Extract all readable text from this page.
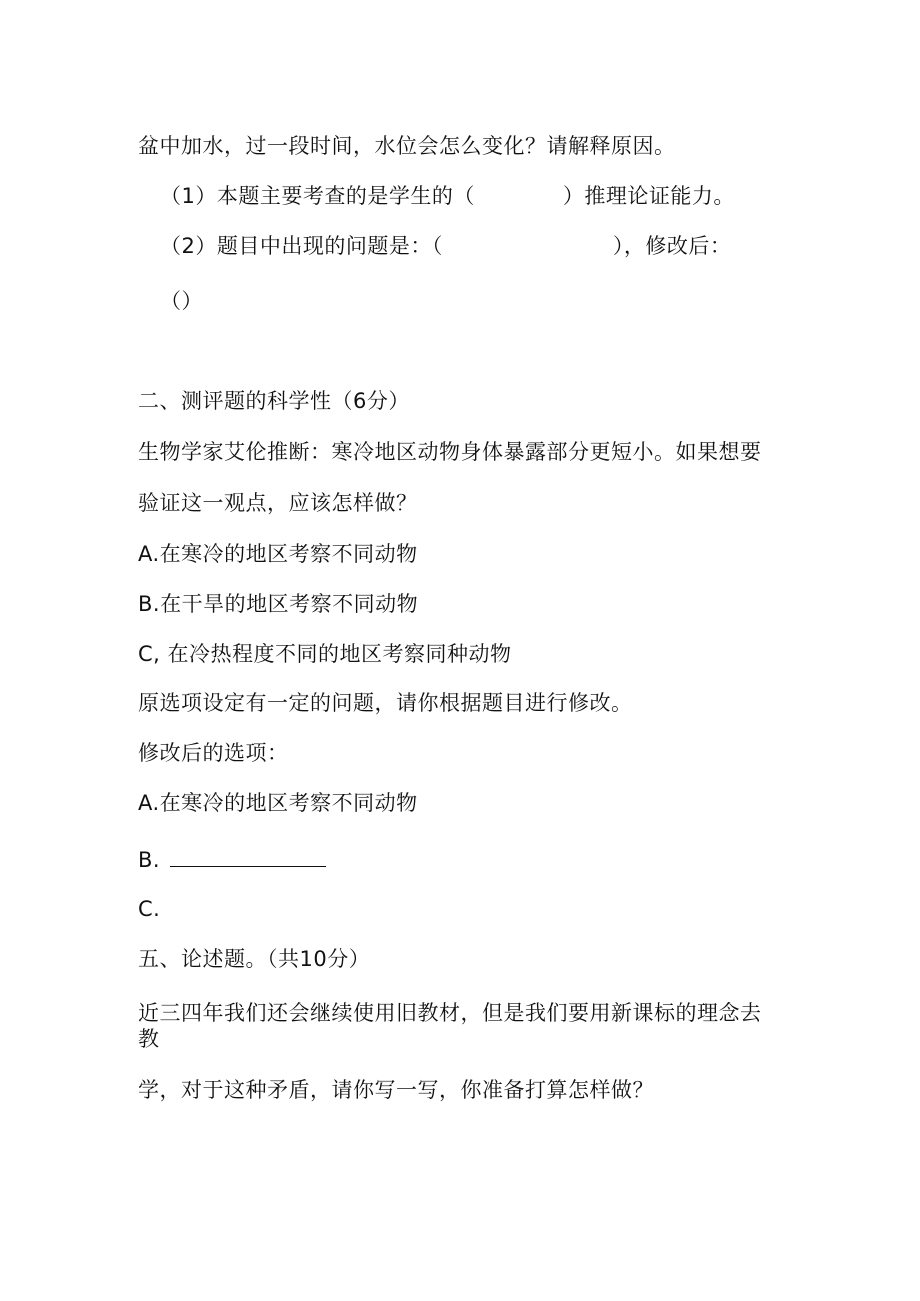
盆中加水，过一段时间，水位会怎么变化？请解释原因。
（1）本题主要考查的是学生的（	）推理论证能力。
（2）题目中出现的问题是：（	），修改后：
（）
二、测评题的科学性（6分）
生物学家艾伦推断：寒冷地区动物身体暴露部分更短小。如果想要
验证这一观点，应该怎样做？
A.在寒冷的地区考察不同动物
B.在干旱的地区考察不同动物
C, 在冷热程度不同的地区考察同种动物
原选项设定有一定的问题，请你根据题目进行修改。
修改后的选项：
A.在寒冷的地区考察不同动物
B.
C.
五、论述题。（共10分）
近三四年我们还会继续使用旧教材，但是我们要用新课标的理念去
教
学，对于这种矛盾，请你写一写，你准备打算怎样做？
